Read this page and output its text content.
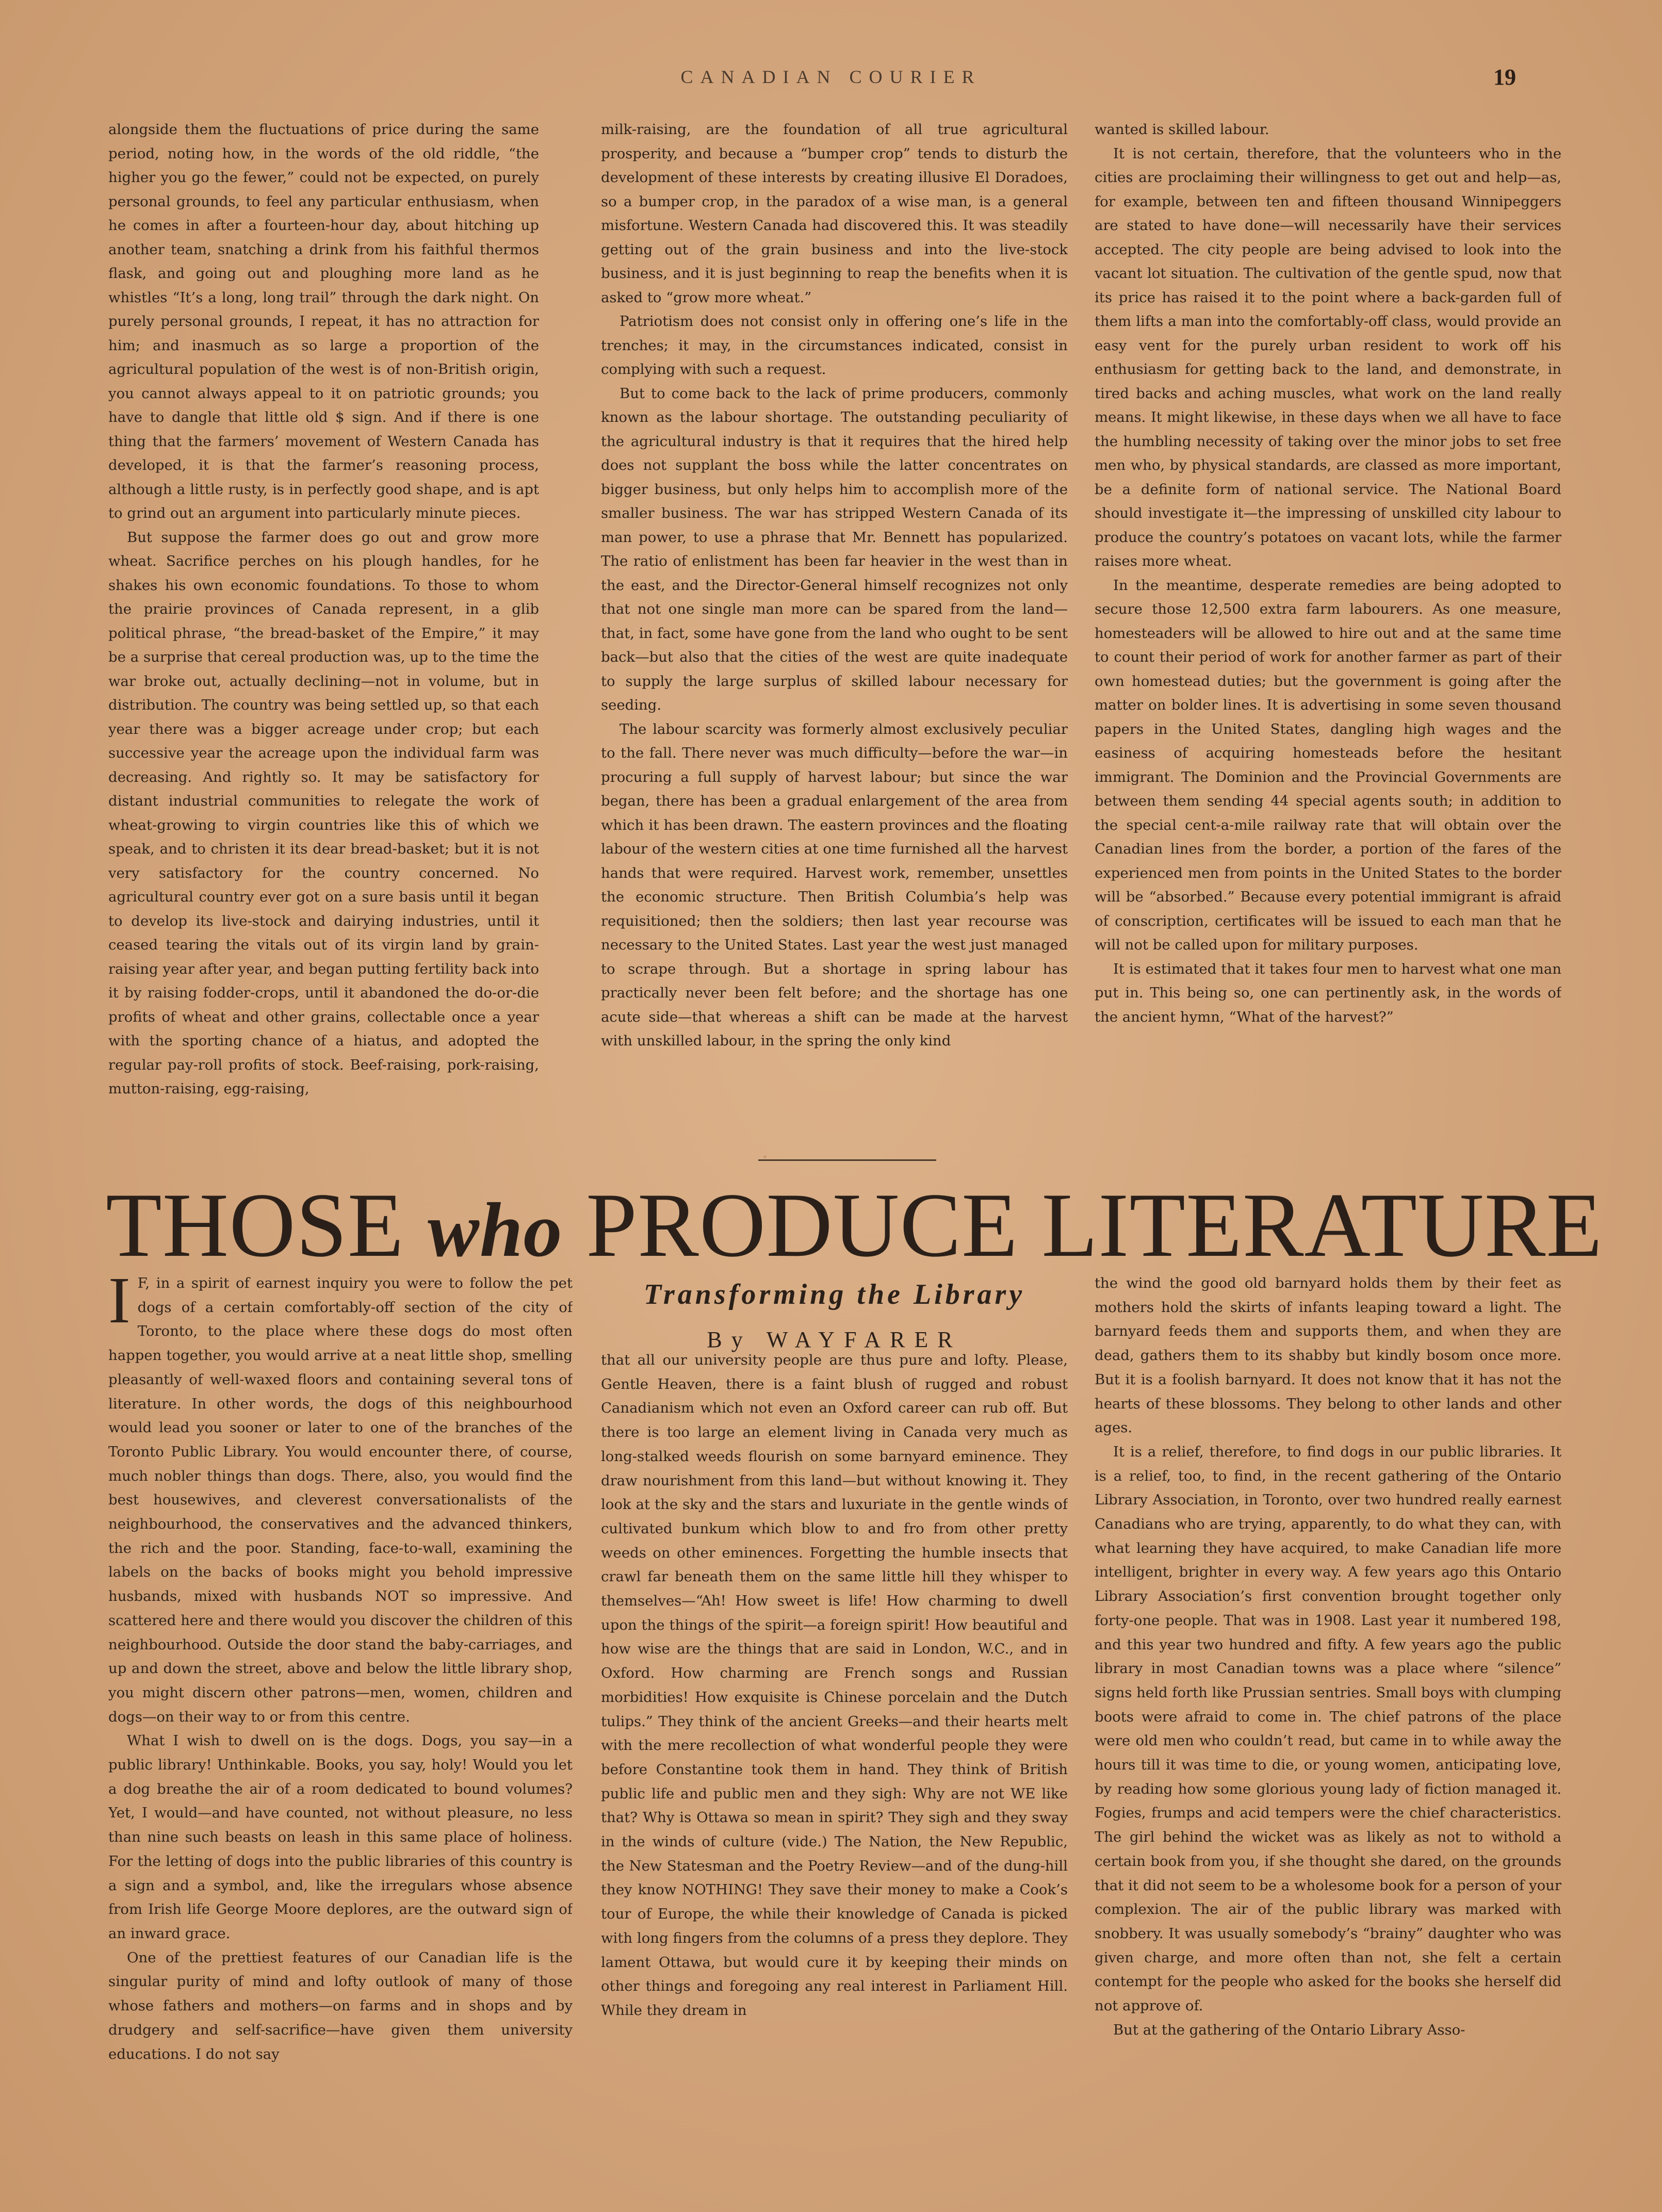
CANADIAN COURIER	19

alongside them the fluctuations of price during the same period, noting how, in the words of the old riddle, “the higher you go the fewer,” could not be expected, on purely personal grounds, to feel any particular enthusiasm, when he comes in after a fourteen-hour day, about hitching up another team, snatching a drink from his faithful thermos flask, and going out and ploughing more land as he whistles “It’s a long, long trail” through the dark night. On purely personal grounds, I repeat, it has no attraction for him; and inasmuch as so large a proportion of the agricultural population of the west is of non-British origin, you cannot always appeal to it on patriotic grounds; you have to dangle that little old $ sign. And if there is one thing that the farmers’ movement of Western Canada has developed, it is that the farmer’s reasoning process, although a little rusty, is in perfectly good shape, and is apt to grind out an argument into particularly minute pieces.

But suppose the farmer does go out and grow more wheat. Sacrifice perches on his plough handles, for he shakes his own economic foundations. To those to whom the prairie provinces of Canada represent, in a glib political phrase, “the bread-basket of the Empire,” it may be a surprise that cereal production was, up to the time the war broke out, actually declining—not in volume, but in distribution. The country was being settled up, so that each year there was a bigger acreage under crop; but each successive year the acreage upon the individual farm was decreasing. And rightly so. It may be satisfactory for distant industrial communities to relegate the work of wheat-growing to virgin countries like this of which we speak, and to christen it its dear bread-basket; but it is not very satisfactory for the country concerned. No agricultural country ever got on a sure basis until it began to develop its live-stock and dairying industries, until it ceased tearing the vitals out of its virgin land by grain-raising year after year, and began putting fertility back into it by raising fodder-crops, until it abandoned the do-or-die profits of wheat and other grains, collectable once a year with the sporting chance of a hiatus, and adopted the regular pay-roll profits of stock. Beef-raising, pork-raising, mutton-raising, egg-raising,

milk-raising, are the foundation of all true agricultural prosperity, and because a “bumper crop” tends to disturb the development of these interests by creating illusive El Doradoes, so a bumper crop, in the paradox of a wise man, is a general misfortune. Western Canada had discovered this. It was steadily getting out of the grain business and into the live-stock business, and it is just beginning to reap the benefits when it is asked to “grow more wheat.”

Patriotism does not consist only in offering one’s life in the trenches; it may, in the circumstances indicated, consist in complying with such a request.

But to come back to the lack of prime producers, commonly known as the labour shortage. The outstanding peculiarity of the agricultural industry is that it requires that the hired help does not supplant the boss while the latter concentrates on bigger business, but only helps him to accomplish more of the smaller business. The war has stripped Western Canada of its man power, to use a phrase that Mr. Bennett has popularized. The ratio of enlistment has been far heavier in the west than in the east, and the Director-General himself recognizes not only that not one single man more can be spared from the land—that, in fact, some have gone from the land who ought to be sent back—but also that the cities of the west are quite inadequate to supply the large surplus of skilled labour necessary for seeding.

The labour scarcity was formerly almost exclusively peculiar to the fall. There never was much difficulty—before the war—in procuring a full supply of harvest labour; but since the war began, there has been a gradual enlargement of the area from which it has been drawn. The eastern provinces and the floating labour of the western cities at one time furnished all the harvest hands that were required. Harvest work, remember, unsettles the economic structure. Then British Columbia’s help was requisitioned; then the soldiers; then last year recourse was necessary to the United States. Last year the west just managed to scrape through. But a shortage in spring labour has practically never been felt before; and the shortage has one acute side—that whereas a shift can be made at the harvest with unskilled labour, in the spring the only kind

wanted is skilled labour.

It is not certain, therefore, that the volunteers who in the cities are proclaiming their willingness to get out and help—as, for example, between ten and fifteen thousand Winnipeggers are stated to have done—will necessarily have their services accepted. The city people are being advised to look into the vacant lot situation. The cultivation of the gentle spud, now that its price has raised it to the point where a back-garden full of them lifts a man into the comfortably-off class, would provide an easy vent for the purely urban resident to work off his enthusiasm for getting back to the land, and demonstrate, in tired backs and aching muscles, what work on the land really means. It might likewise, in these days when we all have to face the humbling necessity of taking over the minor jobs to set free men who, by physical standards, are classed as more important, be a definite form of national service. The National Board should investigate it—the impressing of unskilled city labour to produce the country’s potatoes on vacant lots, while the farmer raises more wheat.

In the meantime, desperate remedies are being adopted to secure those 12,500 extra farm labourers. As one measure, homesteaders will be allowed to hire out and at the same time to count their period of work for another farmer as part of their own homestead duties; but the government is going after the matter on bolder lines. It is advertising in some seven thousand papers in the United States, dangling high wages and the easiness of acquiring homesteads before the hesitant immigrant. The Dominion and the Provincial Governments are between them sending 44 special agents south; in addition to the special cent-a-mile railway rate that will obtain over the Canadian lines from the border, a portion of the fares of the experienced men from points in the United States to the border will be “absorbed.” Because every potential immigrant is afraid of conscription, certificates will be issued to each man that he will not be called upon for military purposes.

It is estimated that it takes four men to harvest what one man put in. This being so, one can pertinently ask, in the words of the ancient hymn, “What of the harvest?”

THOSE who PRODUCE LITERATURE

I F, in a spirit of earnest inquiry you were to follow the pet dogs of a certain comfortably-off section of the city of Toronto, to the place where these dogs do most often happen together, you would arrive at a neat little shop, smelling pleasantly of well-waxed floors and containing several tons of literature. In other words, the dogs of this neighbourhood would lead you sooner or later to one of the branches of the Toronto Public Library. You would encounter there, of course, much nobler things than dogs. There, also, you would find the best housewives, and cleverest conversationalists of the neighbourhood, the conservatives and the advanced thinkers, the rich and the poor. Standing, face-to-wall, examining the labels on the backs of books might you behold impressive husbands, mixed with husbands NOT so impressive. And scattered here and there would you discover the children of this neighbourhood. Outside the door stand the baby-carriages, and up and down the street, above and below the little library shop, you might discern other patrons—men, women, children and dogs—on their way to or from this centre.

What I wish to dwell on is the dogs. Dogs, you say—in a public library! Unthinkable. Books, you say, holy! Would you let a dog breathe the air of a room dedicated to bound volumes? Yet, I would—and have counted, not without pleasure, no less than nine such beasts on leash in this same place of holiness. For the letting of dogs into the public libraries of this country is a sign and a symbol, and, like the irregulars whose absence from Irish life George Moore deplores, are the outward sign of an inward grace.

One of the prettiest features of our Canadian life is the singular purity of mind and lofty outlook of many of those whose fathers and mothers—on farms and in shops and by drudgery and self-sacrifice—have given them university educations. I do not say

Transforming the Library
By WAYFARER

that all our university people are thus pure and lofty. Please, Gentle Heaven, there is a faint blush of rugged and robust Canadianism which not even an Oxford career can rub off. But there is too large an element living in Canada very much as long-stalked weeds flourish on some barnyard eminence. They draw nourishment from this land—but without knowing it. They look at the sky and the stars and luxuriate in the gentle winds of cultivated bunkum which blow to and fro from other pretty weeds on other eminences. Forgetting the humble insects that crawl far beneath them on the same little hill they whisper to themselves—“Ah! How sweet is life! How charming to dwell upon the things of the spirit—a foreign spirit! How beautiful and how wise are the things that are said in London, W.C., and in Oxford. How charming are French songs and Russian morbidities! How exquisite is Chinese porcelain and the Dutch tulips.” They think of the ancient Greeks—and their hearts melt with the mere recollection of what wonderful people they were before Constantine took them in hand. They think of British public life and public men and they sigh: Why are not WE like that? Why is Ottawa so mean in spirit? They sigh and they sway in the winds of culture (vide.) The Nation, the New Republic, the New Statesman and the Poetry Review—and of the dung-hill they know NOTHING! They save their money to make a Cook’s tour of Europe, the while their knowledge of Canada is picked with long fingers from the columns of a press they deplore. They lament Ottawa, but would cure it by keeping their minds on other things and foregoing any real interest in Parliament Hill. While they dream in

the wind the good old barnyard holds them by their feet as mothers hold the skirts of infants leaping toward a light. The barnyard feeds them and supports them, and when they are dead, gathers them to its shabby but kindly bosom once more. But it is a foolish barnyard. It does not know that it has not the hearts of these blossoms. They belong to other lands and other ages.

It is a relief, therefore, to find dogs in our public libraries. It is a relief, too, to find, in the recent gathering of the Ontario Library Association, in Toronto, over two hundred really earnest Canadians who are trying, apparently, to do what they can, with what learning they have acquired, to make Canadian life more intelligent, brighter in every way. A few years ago this Ontario Library Association’s first convention brought together only forty-one people. That was in 1908. Last year it numbered 198, and this year two hundred and fifty. A few years ago the public library in most Canadian towns was a place where “silence” signs held forth like Prussian sentries. Small boys with clumping boots were afraid to come in. The chief patrons of the place were old men who couldn’t read, but came in to while away the hours till it was time to die, or young women, anticipating love, by reading how some glorious young lady of fiction managed it. Fogies, frumps and acid tempers were the chief characteristics. The girl behind the wicket was as likely as not to withold a certain book from you, if she thought she dared, on the grounds that it did not seem to be a wholesome book for a person of your complexion. The air of the public library was marked with snobbery. It was usually somebody’s “brainy” daughter who was given charge, and more often than not, she felt a certain contempt for the people who asked for the books she herself did not approve of.

But at the gathering of the Ontario Library Asso-
